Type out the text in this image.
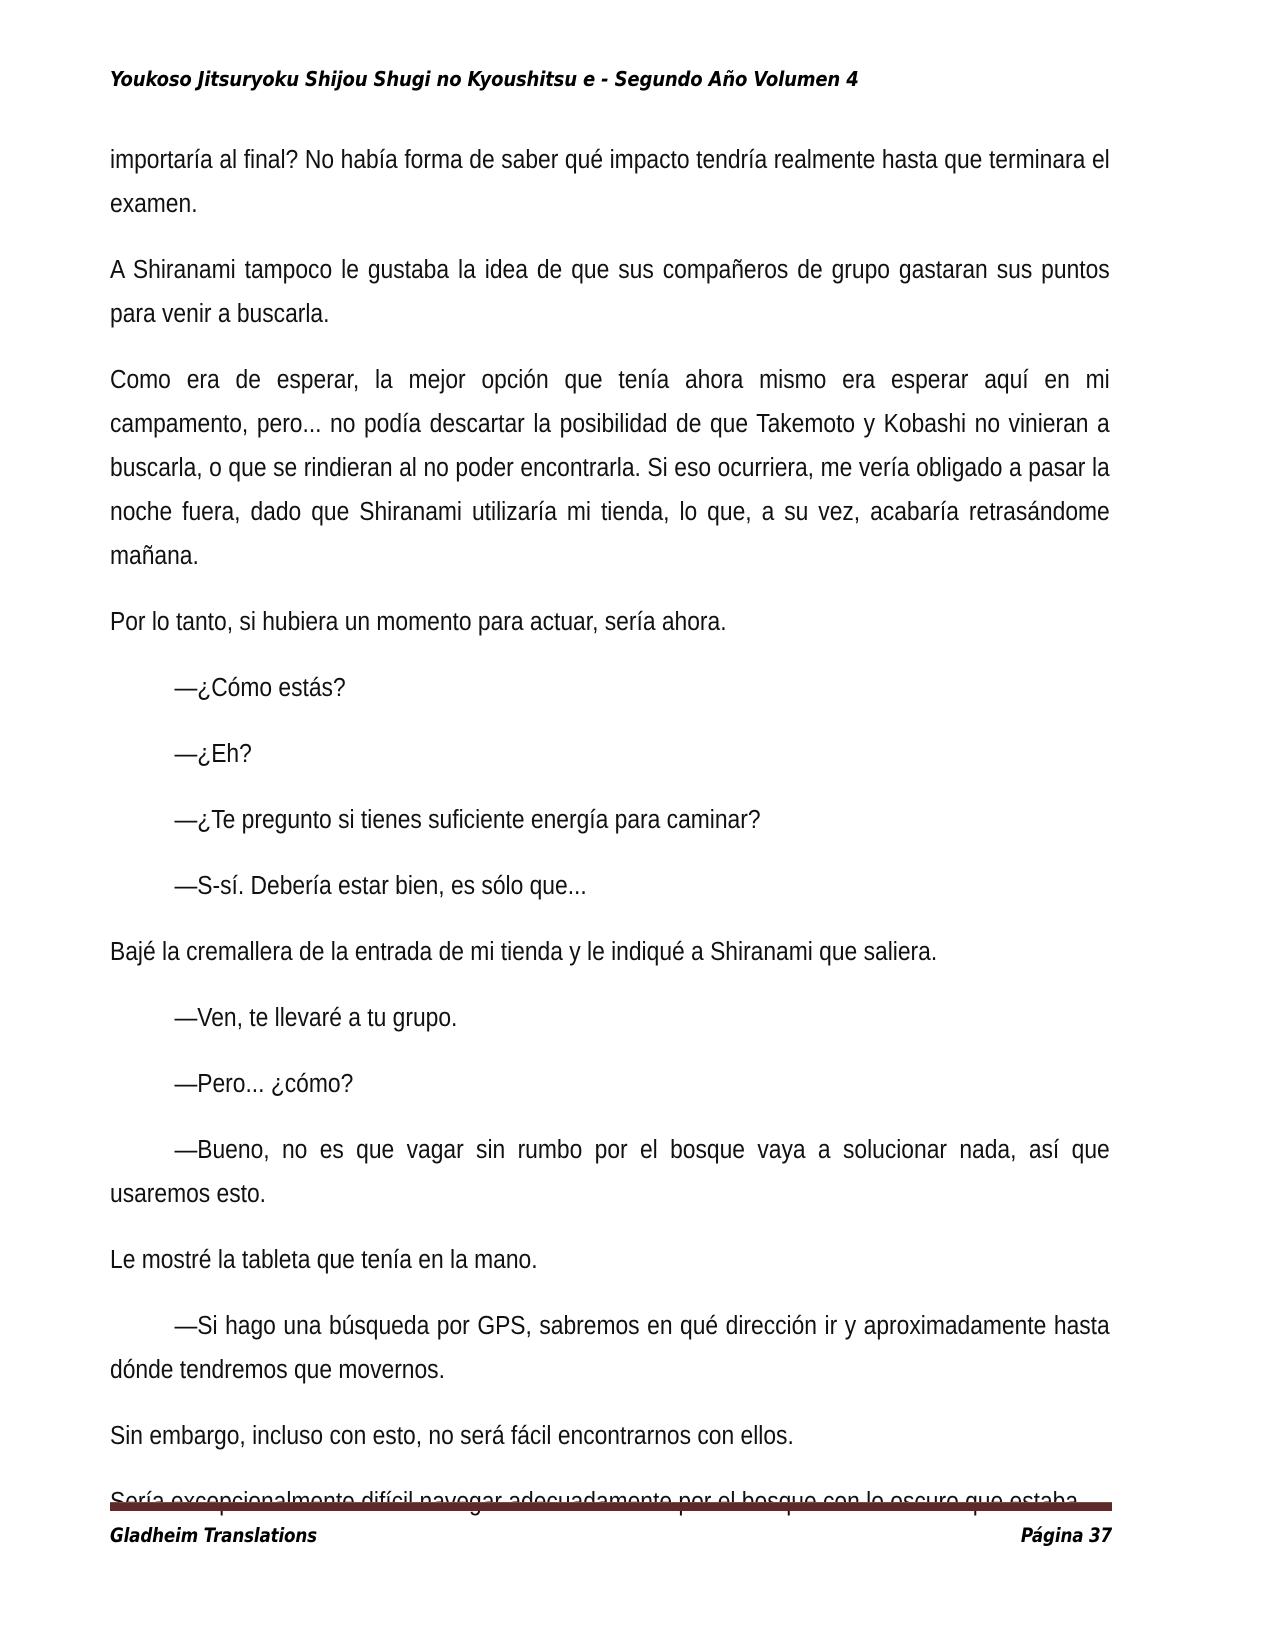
Youkoso Jitsuryoku Shijou Shugi no Kyoushitsu e - Segundo Año Volumen 4

importaría al final? No había forma de saber qué impacto tendría realmente hasta que terminara el examen.

A Shiranami tampoco le gustaba la idea de que sus compañeros de grupo gastaran sus puntos para venir a buscarla.

Como era de esperar, la mejor opción que tenía ahora mismo era esperar aquí en mi campamento, pero... no podía descartar la posibilidad de que Takemoto y Kobashi no vinieran a buscarla, o que se rindieran al no poder encontrarla. Si eso ocurriera, me vería obligado a pasar la noche fuera, dado que Shiranami utilizaría mi tienda, lo que, a su vez, acabaría retrasándome mañana.

Por lo tanto, si hubiera un momento para actuar, sería ahora.

—¿Cómo estás?

—¿Eh?

—¿Te pregunto si tienes suficiente energía para caminar?

—S-sí. Debería estar bien, es sólo que...

Bajé la cremallera de la entrada de mi tienda y le indiqué a Shiranami que saliera.

—Ven, te llevaré a tu grupo.

—Pero... ¿cómo?

—Bueno, no es que vagar sin rumbo por el bosque vaya a solucionar nada, así que usaremos esto.

Le mostré la tableta que tenía en la mano.

—Si hago una búsqueda por GPS, sabremos en qué dirección ir y aproximadamente hasta dónde tendremos que movernos.

Sin embargo, incluso con esto, no será fácil encontrarnos con ellos.

Gladheim Translations	Página 37
